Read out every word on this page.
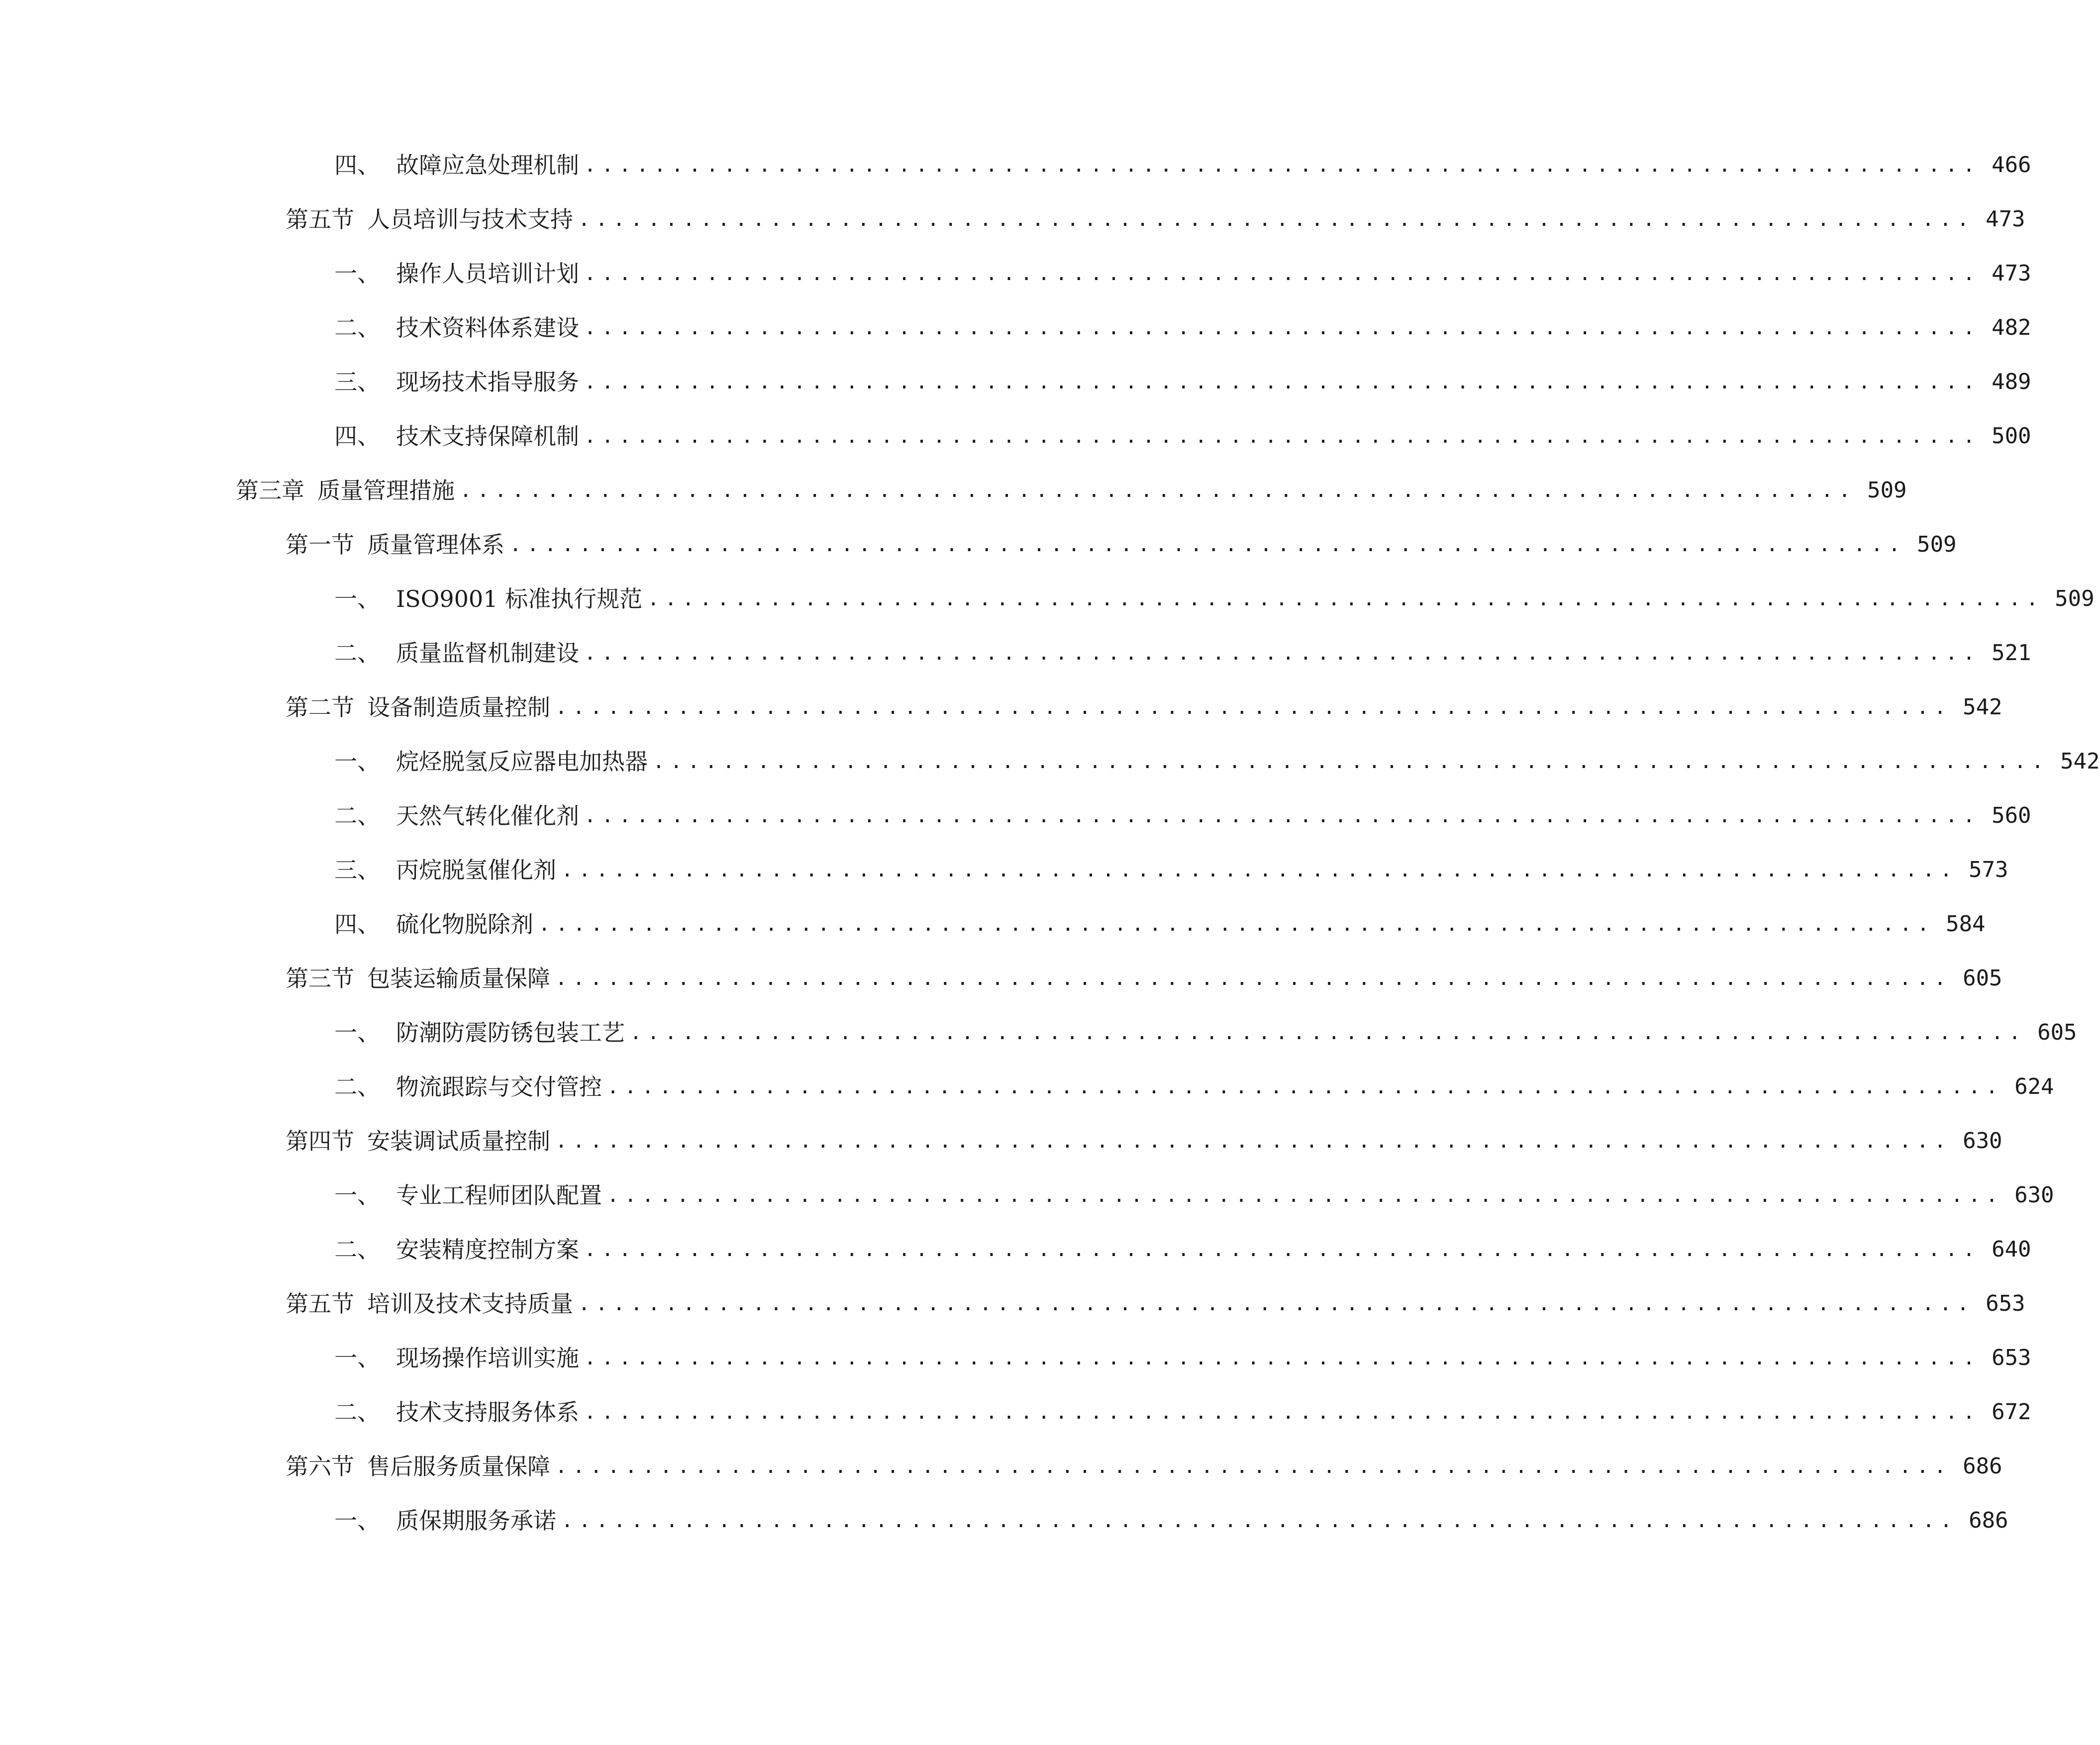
四、 故障应急处理机制 ................................................................................ 466
第五节 人员培训与技术支持 ................................................................................ 473
一、 操作人员培训计划 ................................................................................ 473
二、 技术资料体系建设 ................................................................................ 482
三、 现场技术指导服务 ................................................................................ 489
四、 技术支持保障机制 ................................................................................ 500
第三章 质量管理措施 ................................................................................ 509
第一节 质量管理体系 ................................................................................ 509
一、 ISO9001 标准执行规范 ................................................................................ 509
二、 质量监督机制建设 ................................................................................ 521
第二节 设备制造质量控制 ................................................................................ 542
一、 烷烃脱氢反应器电加热器 ................................................................................ 542
二、 天然气转化催化剂 ................................................................................ 560
三、 丙烷脱氢催化剂 ................................................................................ 573
四、 硫化物脱除剂 ................................................................................ 584
第三节 包装运输质量保障 ................................................................................ 605
一、 防潮防震防锈包装工艺 ................................................................................ 605
二、 物流跟踪与交付管控 ................................................................................ 624
第四节 安装调试质量控制 ................................................................................ 630
一、 专业工程师团队配置 ................................................................................ 630
二、 安装精度控制方案 ................................................................................ 640
第五节 培训及技术支持质量 ................................................................................ 653
一、 现场操作培训实施 ................................................................................ 653
二、 技术支持服务体系 ................................................................................ 672
第六节 售后服务质量保障 ................................................................................ 686
一、 质保期服务承诺 ................................................................................ 686
